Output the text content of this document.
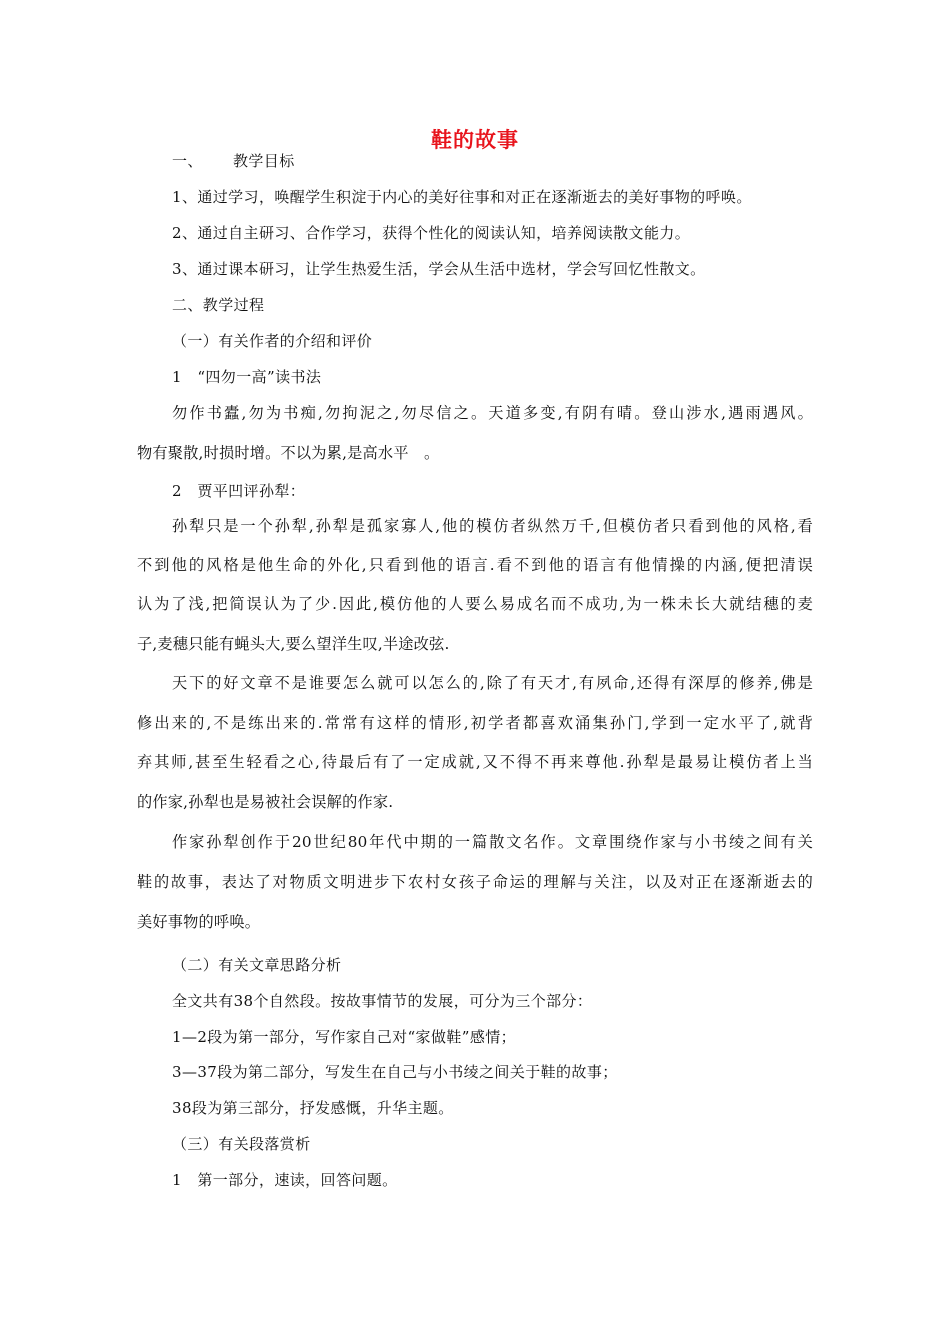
鞋的故事
一、 教学目标
1、通过学习，唤醒学生积淀于内心的美好往事和对正在逐渐逝去的美好事物的呼唤。
2、通过自主研习、合作学习，获得个性化的阅读认知，培养阅读散文能力。
3、通过课本研习，让学生热爱生活，学会从生活中选材，学会写回忆性散文。
二、教学过程
（一）有关作者的介绍和评价
1　“四勿一高”读书法
勿作书蠹,勿为书痴,勿拘泥之,勿尽信之。天道多变,有阴有晴。登山涉水,遇雨遇风。
物有聚散,时损时增。不以为累,是高水平　。
2　贾平凹评孙犁：
孙犁只是一个孙犁,孙犁是孤家寡人,他的模仿者纵然万千,但模仿者只看到他的风格,看
不到他的风格是他生命的外化,只看到他的语言.看不到他的语言有他情操的内涵,便把清误
认为了浅,把简误认为了少.因此,模仿他的人要么易成名而不成功,为一株未长大就结穗的麦
子,麦穗只能有蝇头大,要么望洋生叹,半途改弦.
天下的好文章不是谁要怎么就可以怎么的,除了有天才,有夙命,还得有深厚的修养,佛是
修出来的,不是练出来的.常常有这样的情形,初学者都喜欢涌集孙门,学到一定水平了,就背
弃其师,甚至生轻看之心,待最后有了一定成就,又不得不再来尊他.孙犁是最易让模仿者上当
的作家,孙犁也是易被社会误解的作家.
作家孙犁创作于20世纪80年代中期的一篇散文名作。文章围绕作家与小书绫之间有关
鞋的故事，表达了对物质文明进步下农村女孩子命运的理解与关注，以及对正在逐渐逝去的
美好事物的呼唤。
（二）有关文章思路分析
全文共有38个自然段。按故事情节的发展，可分为三个部分：
1—2段为第一部分，写作家自己对“家做鞋”感情；
3—37段为第二部分，写发生在自己与小书绫之间关于鞋的故事；
38段为第三部分，抒发感慨，升华主题。
（三）有关段落赏析
1　第一部分，速读，回答问题。
